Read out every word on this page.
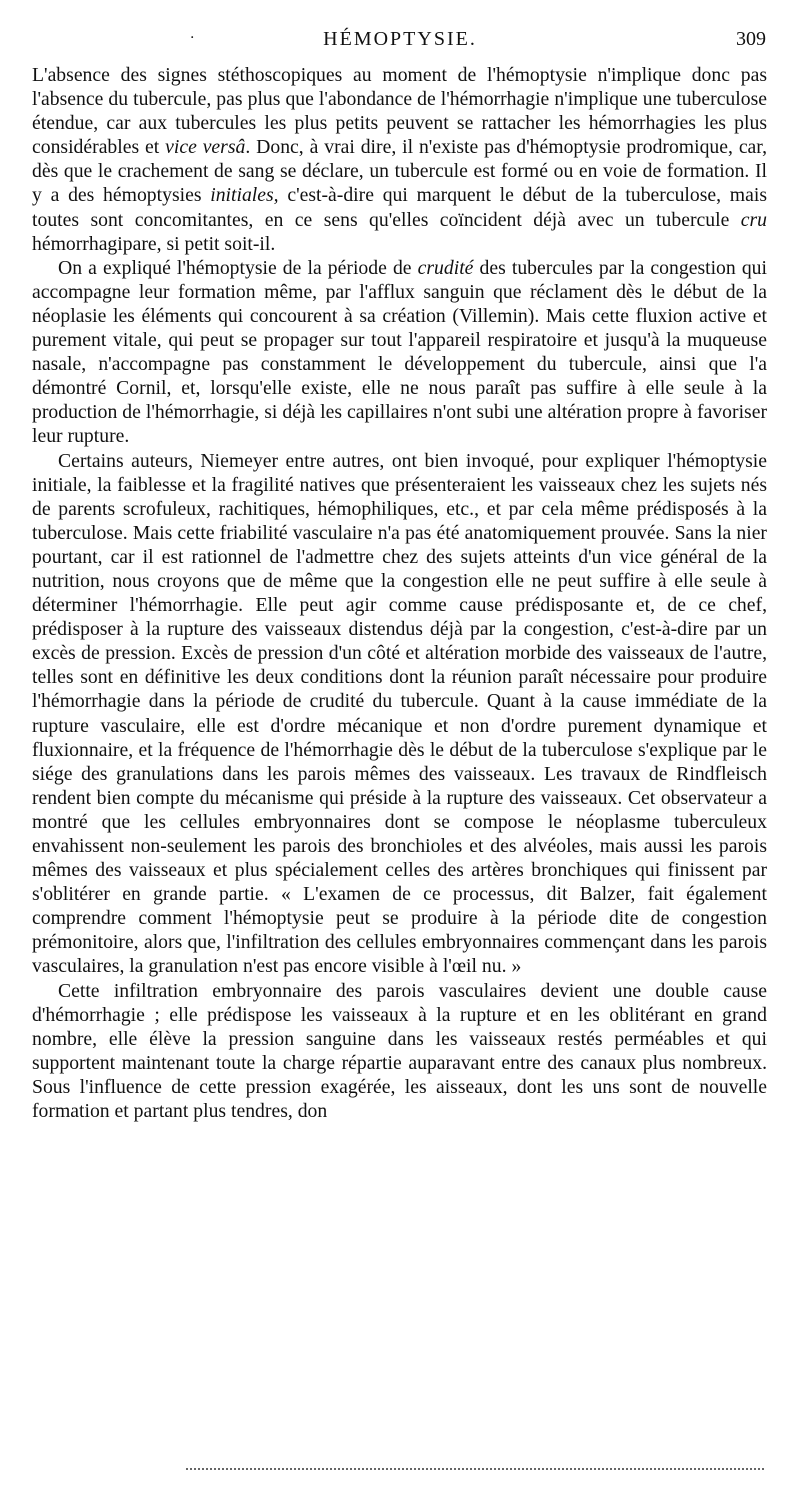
·	HÉMOPTYSIE.	309

L'absence des signes stéthoscopiques au moment de l'hémoptysie n'implique donc pas l'absence du tubercule, pas plus que l'abondance de l'hémorrhagie n'implique une tuberculose étendue, car aux tubercules les plus petits peuvent se rattacher les hémorrhagies les plus considérables et vice versâ. Donc, à vrai dire, il n'existe pas d'hémoptysie prodromique, car, dès que le crachement de sang se déclare, un tubercule est formé ou en voie de formation. Il y a des hémoptysies initiales, c'est-à-dire qui marquent le début de la tuberculose, mais toutes sont concomitantes, en ce sens qu'elles coïncident déjà avec un tubercule cru hémorrhagipare, si petit soit-il.

On a expliqué l'hémoptysie de la période de crudité des tubercules par la congestion qui accompagne leur formation même, par l'afflux sanguin que réclament dès le début de la néoplasie les éléments qui concourent à sa création (Villemin). Mais cette fluxion active et purement vitale, qui peut se propager sur tout l'appareil respiratoire et jusqu'à la muqueuse nasale, n'accompagne pas constamment le développement du tubercule, ainsi que l'a démontré Cornil, et, lorsqu'elle existe, elle ne nous paraît pas suffire à elle seule à la production de l'hémorrhagie, si déjà les capillaires n'ont subi une altération propre à favoriser leur rupture.

Certains auteurs, Niemeyer entre autres, ont bien invoqué, pour expliquer l'hémoptysie initiale, la faiblesse et la fragilité natives que présenteraient les vaisseaux chez les sujets nés de parents scrofuleux, rachitiques, hémophiliques, etc., et par cela même prédisposés à la tuberculose. Mais cette friabilité vasculaire n'a pas été anatomiquement prouvée. Sans la nier pourtant, car il est rationnel de l'admettre chez des sujets atteints d'un vice général de la nutrition, nous croyons que de même que la congestion elle ne peut suffire à elle seule à déterminer l'hémorrhagie. Elle peut agir comme cause prédisposante et, de ce chef, prédisposer à la rupture des vaisseaux distendus déjà par la congestion, c'est-à-dire par un excès de pression. Excès de pression d'un côté et altération morbide des vaisseaux de l'autre, telles sont en définitive les deux conditions dont la réunion paraît nécessaire pour produire l'hémorrhagie dans la période de crudité du tubercule. Quant à la cause immédiate de la rupture vasculaire, elle est d'ordre mécanique et non d'ordre purement dynamique et fluxionnaire, et la fréquence de l'hémorrhagie dès le début de la tuberculose s'explique par le siége des granulations dans les parois mêmes des vaisseaux. Les travaux de Rindfleisch rendent bien compte du mécanisme qui préside à la rupture des vaisseaux. Cet observateur a montré que les cellules embryonnaires dont se compose le néoplasme tuberculeux envahissent non-seulement les parois des bronchioles et des alvéoles, mais aussi les parois mêmes des vaisseaux et plus spécialement celles des artères bronchiques qui finissent par s'oblitérer en grande partie. « L'examen de ce processus, dit Balzer, fait également comprendre comment l'hémoptysie peut se produire à la période dite de congestion prémonitoire, alors que, l'infiltration des cellules embryonnaires commençant dans les parois vasculaires, la granulation n'est pas encore visible à l'œil nu. »

Cette infiltration embryonnaire des parois vasculaires devient une double cause d'hémorrhagie ; elle prédispose les vaisseaux à la rupture et en les oblitérant en grand nombre, elle élève la pression sanguine dans les vaisseaux restés perméables et qui supportent maintenant toute la charge répartie auparavant entre des canaux plus nombreux. Sous l'influence de cette pression exagérée, les aisseaux, dont les uns sont de nouvelle formation et partant plus tendres, don
